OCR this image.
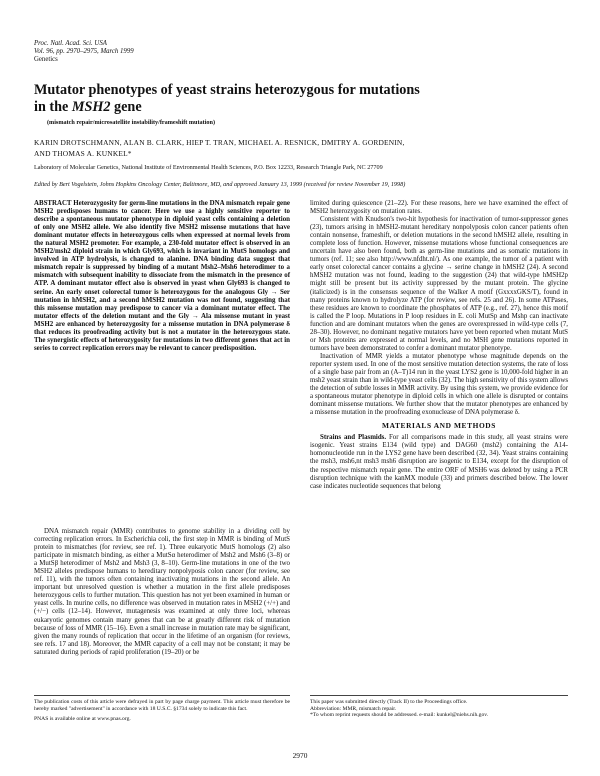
Proc. Natl. Acad. Sci. USA
Vol. 96, pp. 2970–2975, March 1999
Genetics
Mutator phenotypes of yeast strains heterozygous for mutations
in the MSH2 gene
(mismatch repair/microsatellite instability/frameshift mutation)
KARIN DROTSCHMANN, ALAN B. CLARK, HIEP T. TRAN, MICHAEL A. RESNICK, DMITRY A. GORDENIN,
AND THOMAS A. KUNKEL*
Laboratory of Molecular Genetics, National Institute of Environmental Health Sciences, P.O. Box 12233, Research Triangle Park, NC 27709
Edited by Bert Vogelstein, Johns Hopkins Oncology Center, Baltimore, MD, and approved January 13, 1999 (received for review November 19, 1998)
ABSTRACT Heterozygosity for germ-line mutations in the DNA mismatch repair gene MSH2 predisposes humans to cancer. Here we use a highly sensitive reporter to describe a spontaneous mutator phenotype in diploid yeast cells containing a deletion of only one MSH2 allele. We also identify five MSH2 missense mutations that have dominant mutator effects in heterozygous cells when expressed at normal levels from the natural MSH2 promoter. For example, a 230-fold mutator effect is observed in an MSH2/msh2 diploid strain in which Gly693, which is invariant in MutS homologs and involved in ATP hydrolysis, is changed to alanine. DNA binding data suggest that mismatch repair is suppressed by binding of a mutant Msh2–Msh6 heterodimer to a mismatch with subsequent inability to dissociate from the mismatch in the presence of ATP. A dominant mutator effect also is observed in yeast when Gly693 is changed to serine. An early onset colorectal tumor is heterozygous for the analogous Gly → Ser mutation in hMSH2, and a second hMSH2 mutation was not found, suggesting that this missense mutation may predispose to cancer via a dominant mutator effect. The mutator effects of the deletion mutant and the Gly → Ala missense mutant in yeast MSH2 are enhanced by heterozygosity for a missense mutation in DNA polymerase δ that reduces its proofreading activity but is not a mutator in the heterozygous state. The synergistic effects of heterozygosity for mutations in two different genes that act in series to correct replication errors may be relevant to cancer predisposition.

DNA mismatch repair (MMR) contributes to genome stability in a dividing cell by correcting replication errors. In Escherichia coli, the first step in MMR is binding of MutS protein to mismatches (for review, see ref. 1). Three eukaryotic MutS homologs (2) also participate in mismatch binding, as either a MutSα heterodimer of Msh2 and Msh6 (3–8) or a MutSβ heterodimer of Msh2 and Msh3 (3, 8–10). Germ-line mutations in one of the two MSH2 alleles predispose humans to hereditary nonpolyposis colon cancer (for review, see ref. 11), with the tumors often containing inactivating mutations in the second allele. An important but unresolved question is whether a mutation in the first allele predisposes heterozygous cells to further mutation. This question has not yet been examined in human or yeast cells. In murine cells, no difference was observed in mutation rates in MSH2 (+/+) and (+/−) cells (12–14). However, mutagenesis was examined at only three loci, whereas eukaryotic genomes contain many genes that can be at greatly different risk of mutation because of loss of MMR (15–16). Even a small increase in mutation rate may be significant, given the many rounds of replication that occur in the lifetime of an organism (for reviews, see refs. 17 and 18). Moreover, the MMR capacity of a cell may not be constant; it may be saturated during periods of rapid proliferation (19–20) or be

limited during quiescence (21–22). For these reasons, here we have examined the effect of MSH2 heterozygosity on mutation rates.

Consistent with Knudson's two-hit hypothesis for inactivation of tumor-suppressor genes (23), tumors arising in hMSH2-mutant hereditary nonpolyposis colon cancer patients often contain nonsense, frameshift, or deletion mutations in the second hMSH2 allele, resulting in complete loss of function. However, missense mutations whose functional consequences are uncertain have also been found, both as germ-line mutations and as somatic mutations in tumors (ref. 11; see also http://www.nfdht.nl/). As one example, the tumor of a patient with early onset colorectal cancer contains a glycine → serine change in hMSH2 (24). A second hMSH2 mutation was not found, leading to the suggestion (24) that wild-type hMSH2p might still be present but its activity suppressed by the mutant protein. The glycine (italicized) is in the consensus sequence of the Walker A motif (GxxxxGKS/T), found in many proteins known to hydrolyze ATP (for review, see refs. 25 and 26). In some ATPases, these residues are known to coordinate the phosphates of ATP (e.g., ref. 27), hence this motif is called the P loop. Mutations in P loop residues in E. coli MutSp and Mshp can inactivate function and are dominant mutators when the genes are overexpressed in wild-type cells (7, 28–30). However, no dominant negative mutators have yet been reported when mutant MutS or Msh proteins are expressed at normal levels, and no MSH gene mutations reported in tumors have been demonstrated to confer a dominant mutator phenotype.

Inactivation of MMR yields a mutator phenotype whose magnitude depends on the reporter system used. In one of the most sensitive mutation detection systems, the rate of loss of a single base pair from an (A–T)14 run in the yeast LYS2 gene is 10,000-fold higher in an msh2 yeast strain than in wild-type yeast cells (32). The high sensitivity of this system allows the detection of subtle losses in MMR activity. By using this system, we provide evidence for a spontaneous mutator phenotype in diploid cells in which one allele is disrupted or contains dominant missense mutations. We further show that the mutator phenotypes are enhanced by a missense mutation in the proofreading exonuclease of DNA polymerase δ.

MATERIALS AND METHODS

Strains and Plasmids. For all comparisons made in this study, all yeast strains were isogenic. Yeast strains E134 (wild type) and DAG60 (msh2) containing the A14-homonucleotide run in the LYS2 gene have been described (32, 34). Yeast strains containing the msh3, msh6,nt msh3 msh6 disruption are isogenic to E134, except for the disruption of the respective mismatch repair gene. The entire ORF of MSH6 was deleted by using a PCR disruption technique with the kanMX module (33) and primers described below. The lower case indicates nucleotide sequences that belong

The publication costs of this article were defrayed in part by page charge payment. This article must therefore be hereby marked "advertisement" in accordance with 18 U.S.C. §1734 solely to indicate this fact.

PNAS is available online at www.pnas.org.

This paper was submitted directly (Track II) to the Proceedings office.

Abbreviation: MMR, mismatch repair.

*To whom reprint requests should be addressed. e-mail: kunkel@niehs.nih.gov.

2970
